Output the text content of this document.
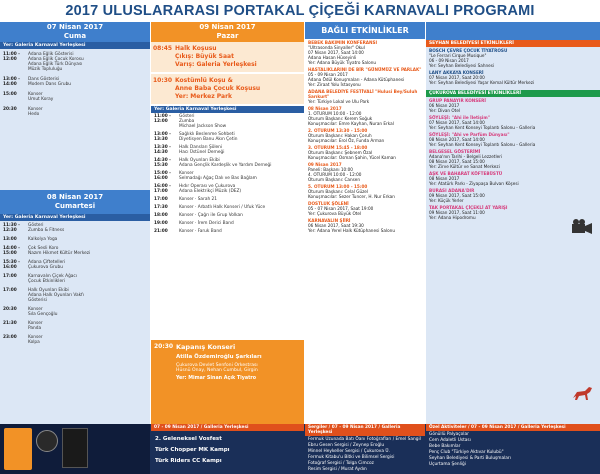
2017 ULUSLARARASI PORTAKAL ÇİÇEĞİ KARNAVALI PROGRAMI
07 Nisan 2017
Cuma
Yer: Galeria Karnaval Yerleşkesi
11:00 - 12:00
Adana Eğlik Gösterisi
Adana Eğlik Çocuk Korosu
Adana Eğlik Türk Dünyası
Müzik Topluluğu
13:00 - 14:00
Dans Gösterisi
Modern Dans Grubu
15:00	Konser
Umut Koray
20:30	Konser
Hedo
08 Nisan 2017
Cumartesi
Yer: Galeria Karnaval Yerleşkesi
11:30 - 12:30
Gösteri
Zumba & Fitness
13:00	Kalkolya Yoga
14:00 - 15:00
Çok Sesli Koro
Nazım Hikmet Kültür Merkezi
15:30 - 16:00
Adana Çiftetelleri
Çukurova Grubu
17:00	Karnavalın Çiçek Ağacı
Çocuk Etkinlikleri
17:00	Halk Oyunları Ekibi
Adana Halk Oyunları Vakfı
Gösterisi
20:30	Konser
Sıla Gençoğlu
21:30	Konser
Panda
23:00	Konser
Kolpa
09 Nisan 2017
Pazar
08:45 Halk Koşusu
Çıkış: Büyük Saat
Varış: Galeria Yerleşkesi
10:30 Kostümlü Koşu &
Anne Baba Çocuk Koşusu
Yer: Merkez Park
Yer: Galeria Karnaval Yerleşkesi
11:00 - 12:00
Gösteri
Zumba
Michael Jackson Show
13:00 - 13:30
Sağlıklı Beslenme Sohbeti
Diyetisyen Banu Akın Çetin
13:30 - 14:30
Halk Dansları Şöleni
Hacı Üstünel Derneği
14:30 - 15:30
Halk Oyunları Ekibi
Adana Gençlik Kardeşlik ve Yardım Derneği
15:00 - 16:00
Konser
Selmadağı Ağaç Dalı ve Bas Bağlam
16:00 - 17:00
Hıdır Operası ve Çukurova
Adana Elektrikçi Müzik (DEZ)
17:00	Konser · Sarah 21
17:30	Konser · Arbatlı Halk Konseri / Ufuk Yüce
18:00	Konser · Çağrı ile Grup Volkan
19:00	Konser · İrem Derici Band
21:00	Konser · Faruk Band
20:30 Kapanış Konseri
Atilla Özdemiroğlu Şarkıları
Çukurova Devlet Senfoni Orkestrası
Hüsnü Onay, Nehan Cumbul, Girgin
Yer: Mimar Sinan Açık Tiyatro
BAĞLI ETKİNLİKLER
BEBEK BAKIMIN KONFERANSI
"Ultrasonda Sinyaller" Okul
07 Nisan 2017, Saat 14:00
Adana Hasan Hüseyinli
Yer: Adana Büyük Tiyatro Salonu
HASTALIKLARINI DE BİR "GÜNÜMÜZ VE PARLAK"
05 - 09 Nisan 2017
Adana Ödül Konuşmaları - Adana Kütüphanesi
Yer: Ziraat Yolu İstasyonu
ADANA BELEDİYE FESTİVALİ "Hulusi Bey/Suluh Sarıkurt"
Yer: Türkiye Lokal ve Ulu Park
08 Nisan 2017
1. OTURUM 10:00 - 12:00
Oturum Başkanı: Kerem Soğuk
Konuşmacılar: Emre Kayhan, Nuran Erkal
2. OTURUM 13:30 - 15:00
Oturum Başkanı: Hakan Çoruh
Konuşmacılar: Erol Öz, Funda Arman
3. OTURUM 15:45 - 18:00
Oturum Başkanı: Şebnem Özal
Konuşmacılar: Osman Şahin, Yücel Kaman
09 Nisan 2017
Paneli: Başkanı 10:00
4. OTURUM 10:00 - 12:00
Oturum Başkanı: Cansen
5. OTURUM 13:00 - 15:00
Oturum Başkanı: Celal Güzel
Konuşmacılar: Sezer Tuncer, H. Nur Erkan
DOSTLUK ŞÖLENİ
05 - 07 Nisan 2017, Saat 19:00
Yer: Çukurova Büyük Otel
KARNAVALIN ŞİİRİ
06 Nisan 2017, Saat 19:30
Yer: Adana Yerel Halk Kütüphanesi Salonu
SEYHAN BELEDİYESİ ETKİNLİKLERİ
BOSCH ÇEVRE ÇOCUK TİYATROSU
"Le Ferrari Cirque Musique"
06 - 09 Nisan 2017
Yer: Seyhan Belediyesi Sahnesi
LANY AKKAYA KONSERİ
07 Nisan 2017, Saat 20:00
Yer: Seyhan Belediyesi Yaşar Kemal Kültür Merkezi
ÇUKUROVA BELEDİYESİ ETKİNLİKLERİ
GRUP PANAYIR KONSERİ
06 Nisan 2017
Yer: Divan Otel
SÖYLEŞİ: "Ahi ile İletişim"
07 Nisan 2017, Saat 14:00
Yer: Seyhan Kent Konseyi Toplantı Salonu - Galleria
SÖYLEŞİ: "Ahi ve Parfüm Dünyası"
08 Nisan 2017, Saat 14:00
Yer: Seyhan Kent Konseyi Toplantı Salonu - Galleria
BELGESEL GÖSTERİMİ
Adana'nın Tarihi - Belgeli Lezzetleri
08 Nisan 2017, Saat 15:00
Yer: Zirve Kültür ve Sanat Merkezi
AŞK VE BAHARAT KÖFTEBÜSTÜ
08 Nisan 2017
Yer: Atatürk Parkı - Ziyapaşa Bulvarı Köşesi
BURASI ADANA'DIR
09 Nisan 2017, Saat 15:00
Yer: Küçük Yerler
TAK PORTAKAL ÇİÇEKLİ AT YARIŞI
09 Nisan 2017, Saat 11:00
Yer: Adana Hipodromu
07 - 09 Nisan 2017 / Galleria Yerleşkesi
2. Geleneksel Vosfest
Türk Chopper MK Kampı
Türk Riders CC Kampı
Sergiler / 07 - 09 Nisan 2017 / Galleria Yerleşkesi
Fermuk Uzunada Batı Öanı Fotoğrafları / Emel Sangil
Ebru Gesen Sergisi / Zeynep Eroğlu
Minnel Heykeller Sergisi / Çukurova Ü.
Fermuk Kitabu'u Bitki ve Bilimsel Sergisi
Fotoğraf Sergisi / Tolga Cimcoz
Resim Sergisi / Murat Aydın
Özel Aktiviteler / 07 - 09 Nisan 2017 / Galleria Yerleşkesi
Gönüllü Palyaçolar
Cem Adaletli Ustası
Bebe Bakımlar
Penç Club "Türkiye Aktıvar Kulubü"
Seyhan Belediyesi & Parti Buluşmaları
Uçurtama Şenliği
